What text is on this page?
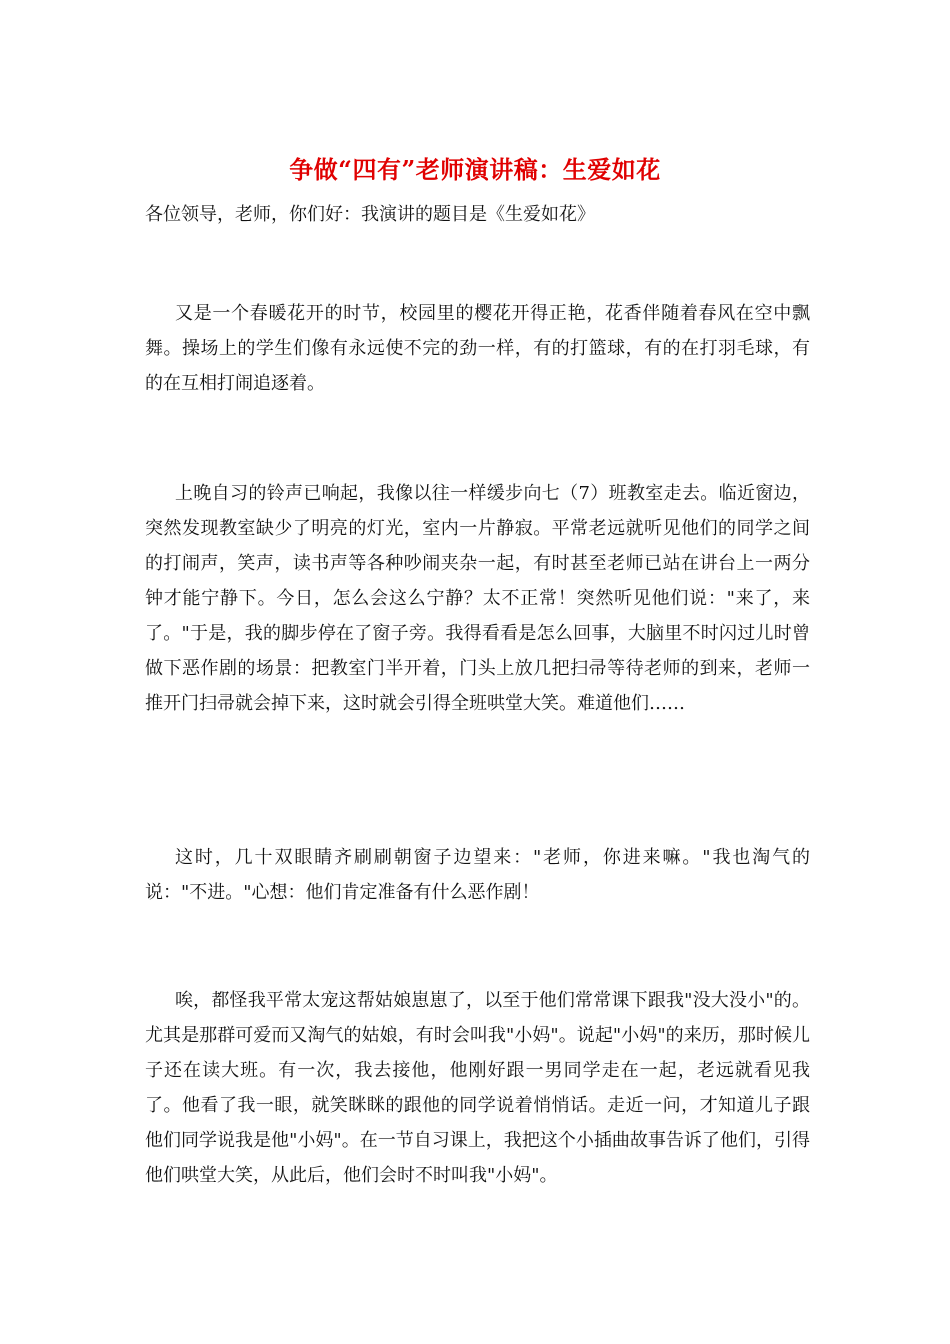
争做“四有”老师演讲稿：生爱如花

各位领导，老师，你们好：我演讲的题目是《生爱如花》

又是一个春暖花开的时节，校园里的樱花开得正艳，花香伴随着春风在空中飘舞。操场上的学生们像有永远使不完的劲一样，有的打篮球，有的在打羽毛球，有的在互相打闹追逐着。

上晚自习的铃声已响起，我像以往一样缓步向七（7）班教室走去。临近窗边，突然发现教室缺少了明亮的灯光，室内一片静寂。平常老远就听见他们的同学之间的打闹声，笑声，读书声等各种吵闹夹杂一起，有时甚至老师已站在讲台上一两分钟才能宁静下。今日，怎么会这么宁静？太不正常！突然听见他们说："来了，来了。"于是，我的脚步停在了窗子旁。我得看看是怎么回事，大脑里不时闪过儿时曾做下恶作剧的场景：把教室门半开着，门头上放几把扫帚等待老师的到来，老师一推开门扫帚就会掉下来，这时就会引得全班哄堂大笑。难道他们……

这时，几十双眼睛齐刷刷朝窗子边望来："老师，你进来嘛。"我也淘气的说："不进。"心想：他们肯定准备有什么恶作剧！

唉，都怪我平常太宠这帮姑娘崽崽了，以至于他们常常课下跟我"没大没小"的。尤其是那群可爱而又淘气的姑娘，有时会叫我"小妈"。说起"小妈"的来历，那时候儿子还在读大班。有一次，我去接他，他刚好跟一男同学走在一起，老远就看见我了。他看了我一眼，就笑眯眯的跟他的同学说着悄悄话。走近一问，才知道儿子跟他们同学说我是他"小妈"。在一节自习课上，我把这个小插曲故事告诉了他们，引得他们哄堂大笑，从此后，他们会时不时叫我"小妈"。
